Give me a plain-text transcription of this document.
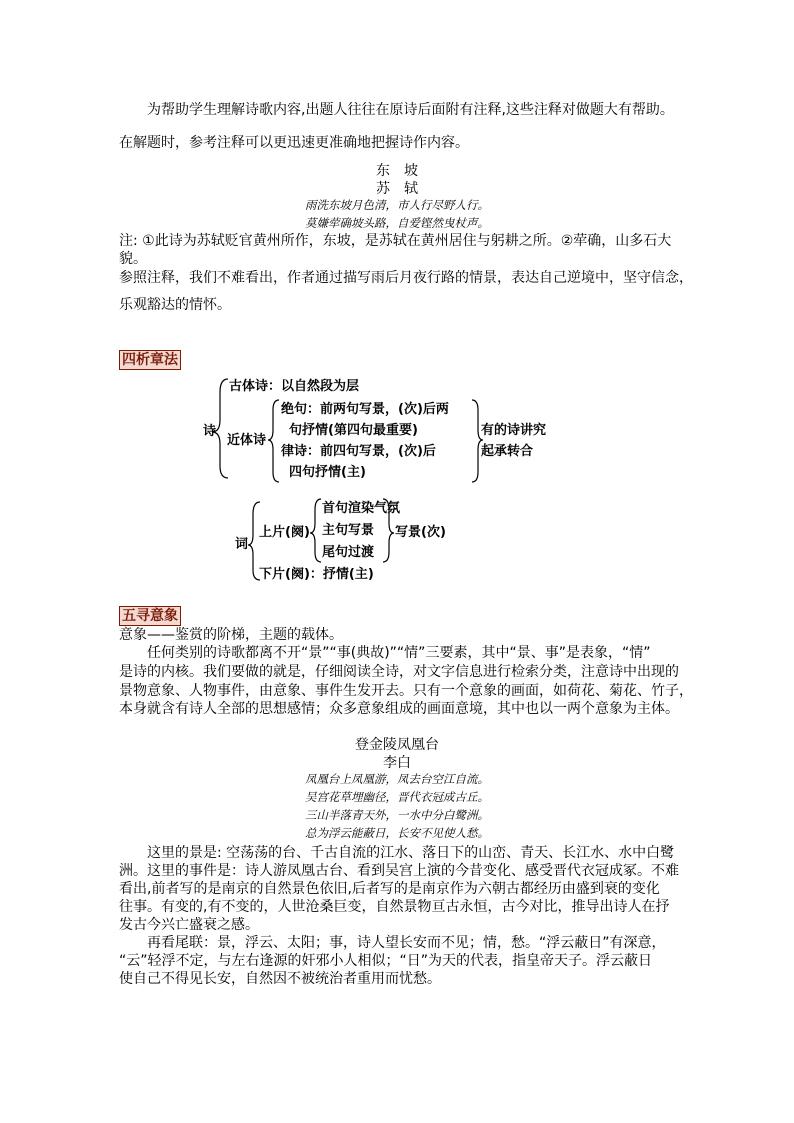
为帮助学生理解诗歌内容,出题人往往在原诗后面附有注释,这些注释对做题大有帮助。
在解题时，参考注释可以更迅速更准确地把握诗作内容。
东　坡
苏　轼
雨洗东坡月色清，市人行尽野人行。
莫嫌荦确坡头路，自爱铿然曳杖声。
注: ①此诗为苏轼贬官黄州所作，东坡，是苏轼在黄州居住与躬耕之所。②荦确，山多石大
貌。
参照注释，我们不难看出，作者通过描写雨后月夜行路的情景，表达自己逆境中，坚守信念，
乐观豁达的情怀。
四析章法
诗
古体诗：以自然段为层
近体诗
绝句：前两句写景，(次)后两
句抒情(第四句最重要)
律诗：前四句写景，(次)后
四句抒情(主)
有的诗讲究
起承转合
词
上片(阕)
首句渲染气氛
主句写景
尾句过渡
写景(次)
下片(阕)：抒情(主)
五寻意象
意象——鉴赏的阶梯，主题的载体。
　　任何类别的诗歌都离不开“景”“事(典故)”“情”三要素，其中“景、事”是表象，“情”
是诗的内核。我们要做的就是，仔细阅读全诗，对文字信息进行检索分类，注意诗中出现的
景物意象、人物事件，由意象、事件生发开去。只有一个意象的画面，如荷花、菊花、竹子，
本身就含有诗人全部的思想感情；众多意象组成的画面意境，其中也以一两个意象为主体。
登金陵凤凰台
李白
凤凰台上凤凰游，凤去台空江自流。
吴宫花草埋幽径，晋代衣冠成古丘。
三山半落青天外，一水中分白鹭洲。
总为浮云能蔽日，长安不见使人愁。
　　这里的景是: 空荡荡的台、千古自流的江水、落日下的山峦、青天、长江水、水中白鹭
洲。这里的事件是：诗人游凤凰古台、看到吴宫上演的今昔变化、感受晋代衣冠成冢。不难
看出,前者写的是南京的自然景色依旧,后者写的是南京作为六朝古都经历由盛到衰的变化
往事。有变的,有不变的，人世沧桑巨变，自然景物亘古永恒，古今对比，推导出诗人在抒
发古今兴亡盛衰之感。
　　再看尾联：景，浮云、太阳；事，诗人望长安而不见；情，愁。“浮云蔽日”有深意，
“云”轻浮不定，与左右逢源的奸邪小人相似；“日”为天的代表，指皇帝天子。浮云蔽日
使自己不得见长安，自然因不被统治者重用而忧愁。
